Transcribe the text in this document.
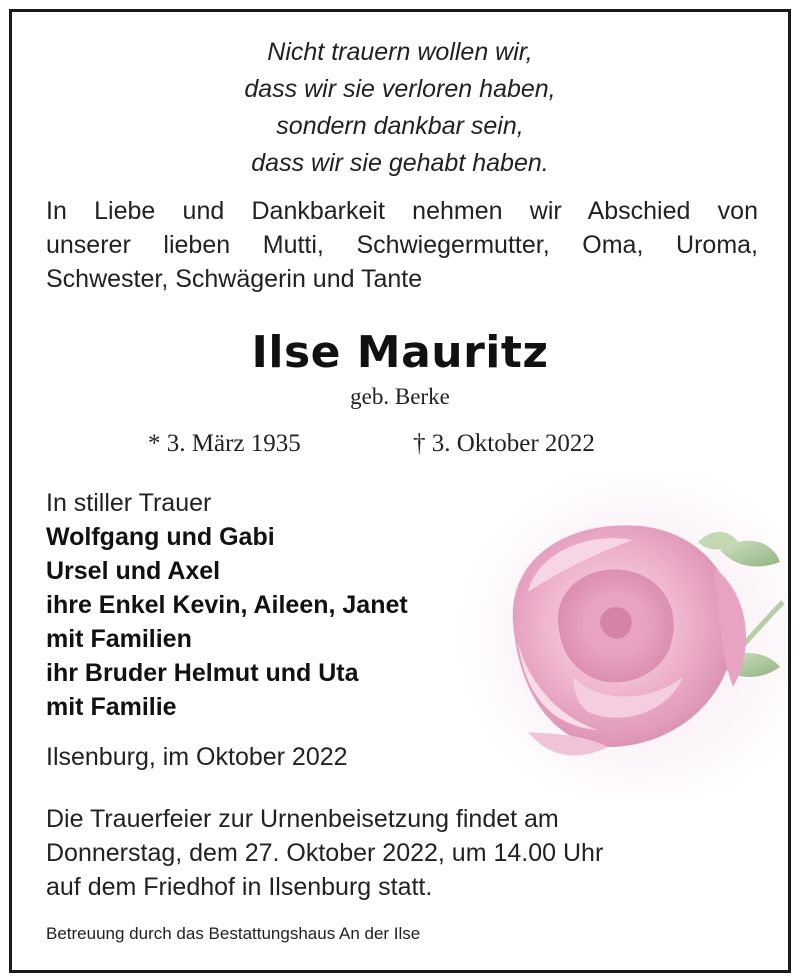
Nicht trauern wollen wir,
dass wir sie verloren haben,
sondern dankbar sein,
dass wir sie gehabt haben.
In Liebe und Dankbarkeit nehmen wir Abschied von
unserer lieben Mutti, Schwiegermutter, Oma, Uroma,
Schwester, Schwägerin und Tante
Ilse Mauritz
geb. Berke
* 3. März 1935	† 3. Oktober 2022
In stiller Trauer
Wolfgang und Gabi
Ursel und Axel
ihre Enkel Kevin, Aileen, Janet
mit Familien
ihr Bruder Helmut und Uta
mit Familie
Ilsenburg, im Oktober 2022
Die Trauerfeier zur Urnenbeisetzung findet am
Donnerstag, dem 27. Oktober 2022, um 14.00 Uhr
auf dem Friedhof in Ilsenburg statt.
Betreuung durch das Bestattungshaus An der Ilse
